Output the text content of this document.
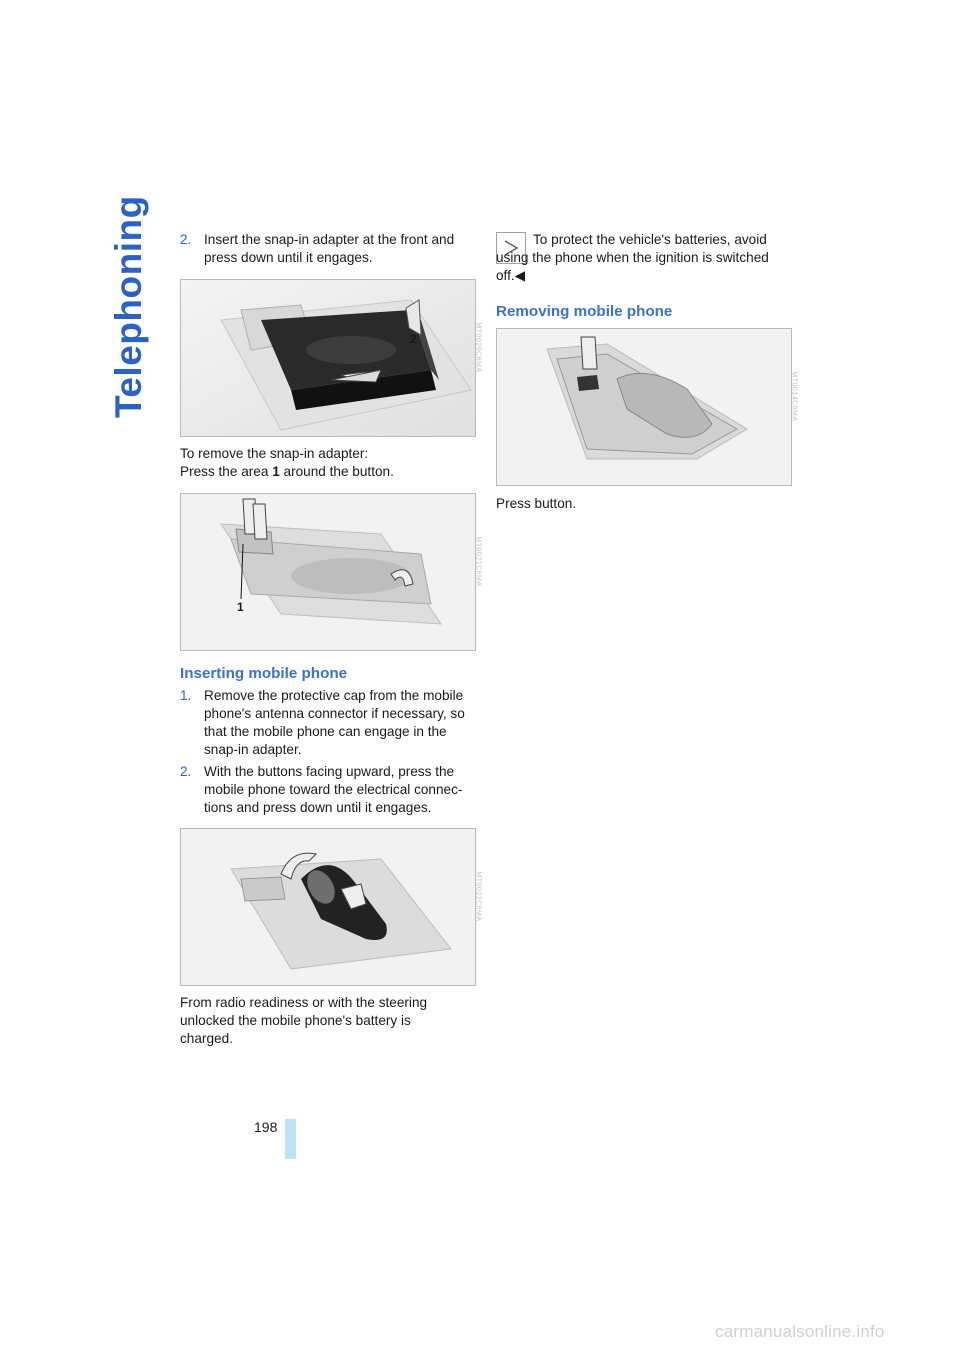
Telephoning 2. Insert the snap-in adapter at the front and press down until it engages.
2	MT0020C6MA
To remove the snap-in adapter:
Press the area 1 around the button.
1
MT0021C6MA
Inserting mobile phone
1. Remove the protective cap from the mobile phone's antenna connector if necessary, so that the mobile phone can engage in the snap-in adapter.
2. With the buttons facing upward, press the mobile phone toward the electrical connec-tions and press down until it engages.
MT0022C6MA
From radio readiness or with the steering unlocked the mobile phone's battery is charged.
To protect the vehicle's batteries, avoid using the phone when the ignition is switched off.◀
Removing mobile phone
MT0014C6MA
Press button.
198
carmanualsonline.info
